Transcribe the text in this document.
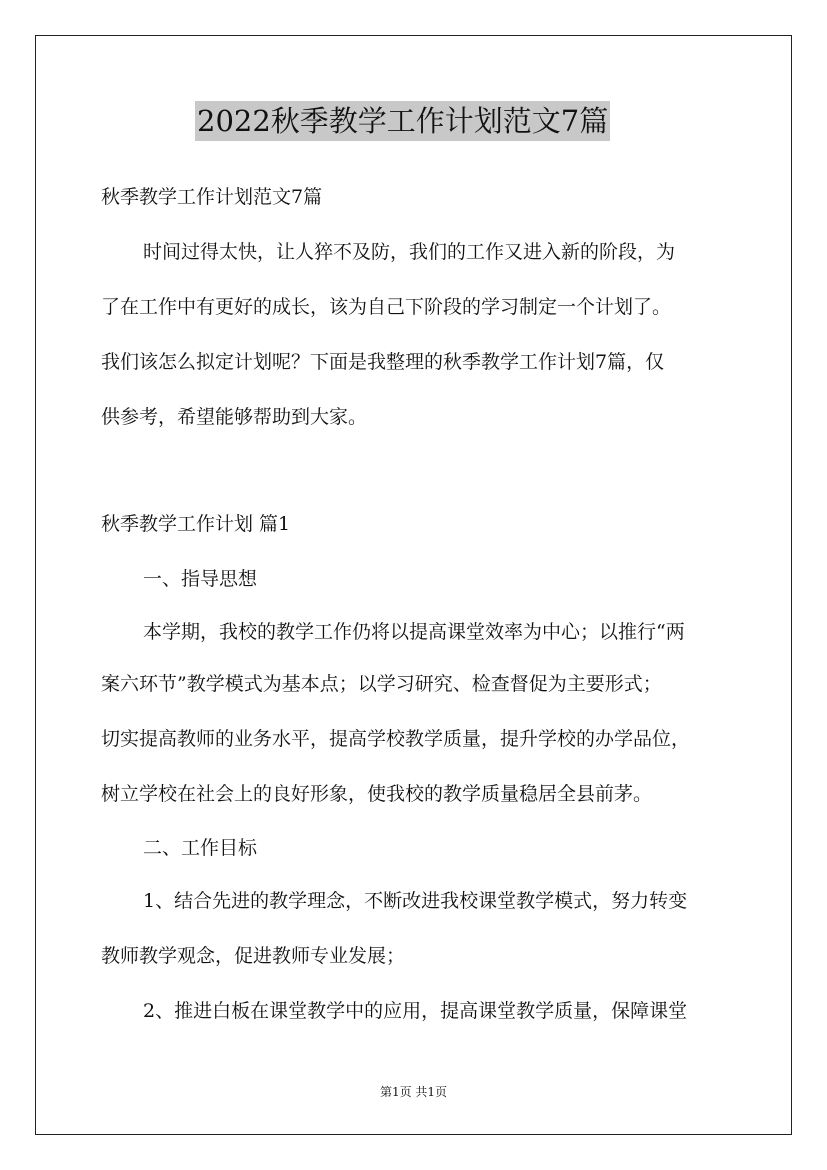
2022秋季教学工作计划范文7篇
秋季教学工作计划范文7篇
时间过得太快，让人猝不及防，我们的工作又进入新的阶段，为
了在工作中有更好的成长，该为自己下阶段的学习制定一个计划了。
我们该怎么拟定计划呢？下面是我整理的秋季教学工作计划7篇，仅
供参考，希望能够帮助到大家。
秋季教学工作计划 篇1
一、指导思想
本学期，我校的教学工作仍将以提高课堂效率为中心；以推行“两
案六环节”教学模式为基本点；以学习研究、检查督促为主要形式；
切实提高教师的业务水平，提高学校教学质量，提升学校的办学品位，
树立学校在社会上的良好形象，使我校的教学质量稳居全县前茅。
二、工作目标
1、结合先进的教学理念，不断改进我校课堂教学模式，努力转变
教师教学观念，促进教师专业发展；
2、推进白板在课堂教学中的应用，提高课堂教学质量，保障课堂
第1页 共1页
